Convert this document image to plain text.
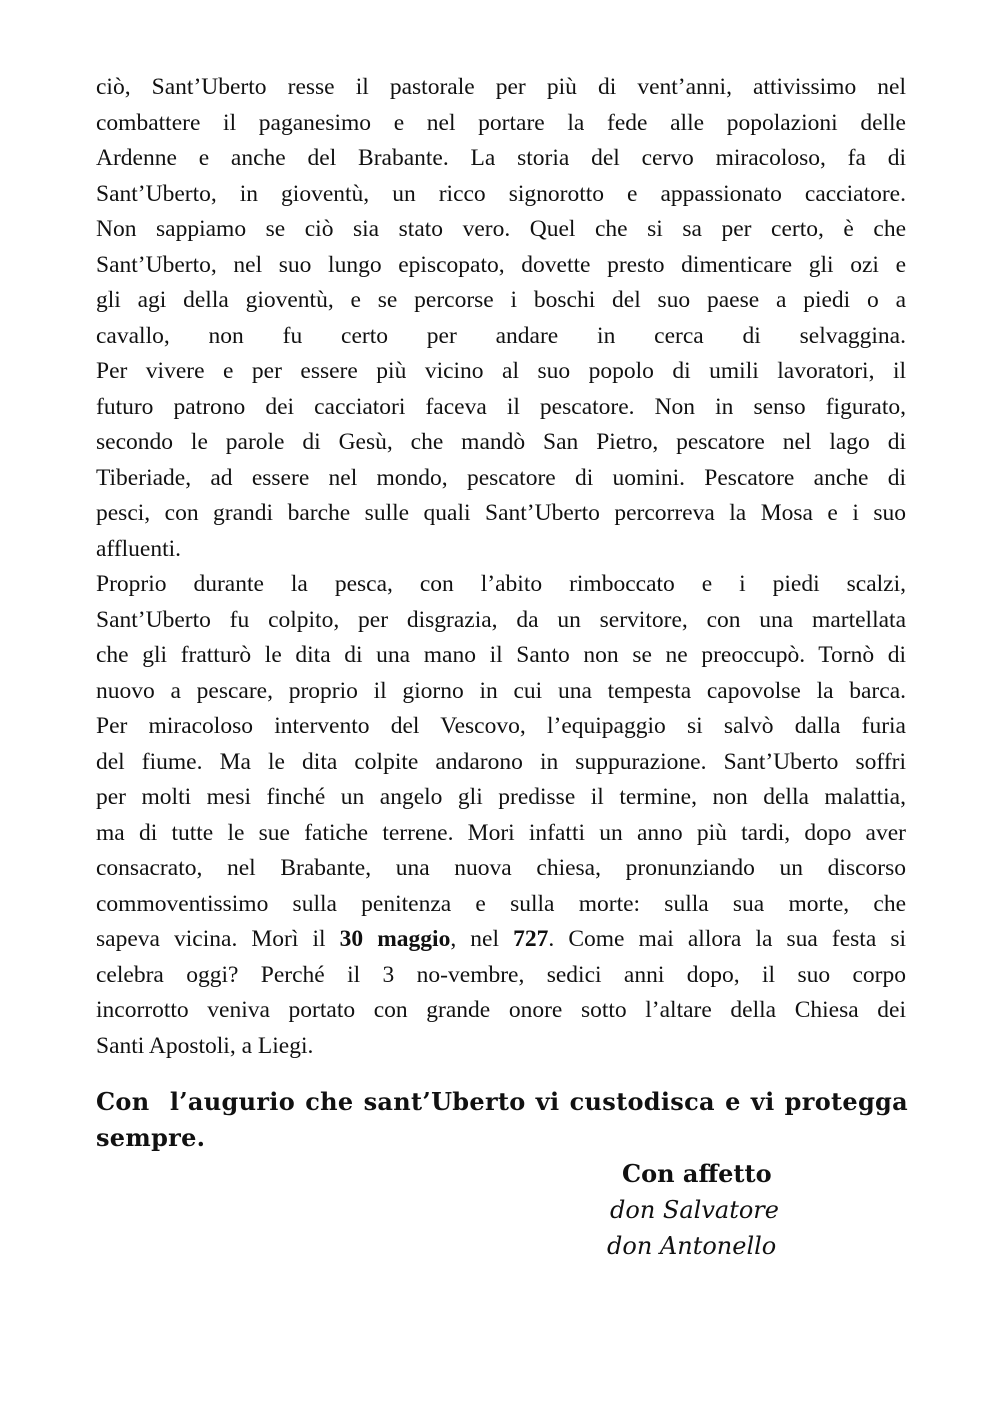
ciò, Sant’Uberto resse il pastorale per più di vent’anni, attivissimo nel
combattere il paganesimo e nel portare la fede alle popolazioni delle
Ardenne e anche del Brabante. La storia del cervo miracoloso, fa di
Sant’Uberto, in gioventù, un ricco signorotto e appassionato cacciatore.
Non sappiamo se ciò sia stato vero. Quel che si sa per certo, è che
Sant’Uberto, nel suo lungo episcopato, dovette presto dimenticare gli ozi e
gli agi della gioventù, e se percorse i boschi del suo paese a piedi o a
cavallo, non fu certo per andare in cerca di selvaggina.
Per vivere e per essere più vicino al suo popolo di umili lavoratori, il
futuro patrono dei cacciatori faceva il pescatore. Non in senso figurato,
secondo le parole di Gesù, che mandò San Pietro, pescatore nel lago di
Tiberiade, ad essere nel mondo, pescatore di uomini. Pescatore anche di
pesci, con grandi barche sulle quali Sant’Uberto percorreva la Mosa e i suo
affluenti.
Proprio durante la pesca, con l’abito rimboccato e i piedi scalzi,
Sant’Uberto fu colpito, per disgrazia, da un servitore, con una martellata
che gli fratturò le dita di una mano il Santo non se ne preoccupò. Tornò di
nuovo a pescare, proprio il giorno in cui una tempesta capovolse la barca.
Per miracoloso intervento del Vescovo, l’equipaggio si salvò dalla furia
del fiume. Ma le dita colpite andarono in suppurazione. Sant’Uberto soffri
per molti mesi finché un angelo gli predisse il termine, non della malattia,
ma di tutte le sue fatiche terrene. Mori infatti un anno più tardi, dopo aver
consacrato, nel Brabante, una nuova chiesa, pronunziando un discorso
commoventissimo sulla penitenza e sulla morte: sulla sua morte, che
sapeva vicina. Morì il 30 maggio, nel 727. Come mai allora la sua festa si
celebra oggi? Perché il 3 no-vembre, sedici anni dopo, il suo corpo
incorrotto veniva portato con grande onore sotto l’altare della Chiesa dei
Santi Apostoli, a Liegi.
Con  l’augurio che sant’Uberto vi custodisca e vi protegga
sempre.
Con affetto
don Salvatore
don Antonello
